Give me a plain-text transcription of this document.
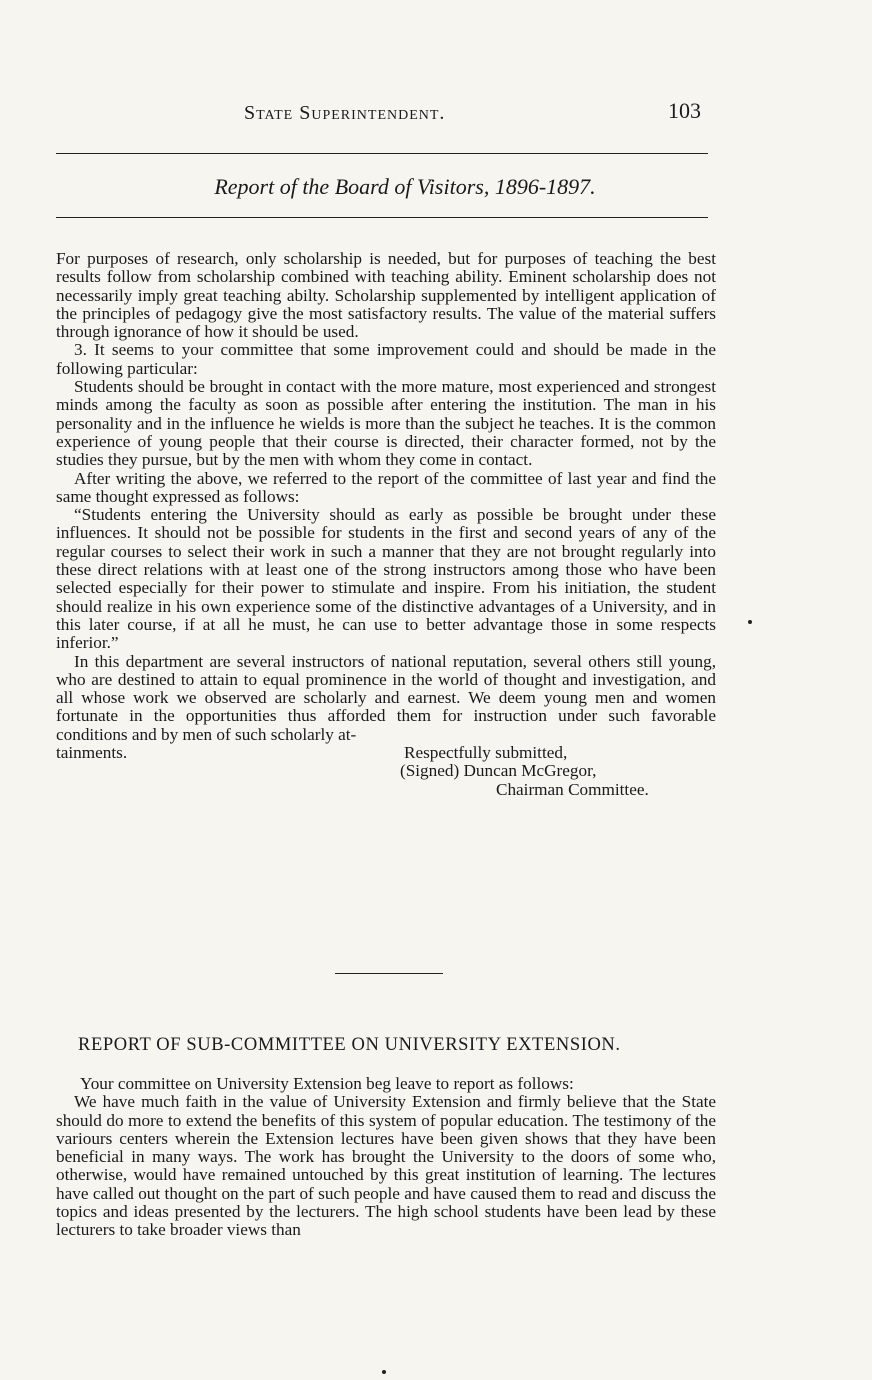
State Superintendent.	103
Report of the Board of Visitors, 1896-1897.

For purposes of research, only scholarship is needed, but for purposes of teaching the best results follow from scholarship combined with teaching ability. Eminent scholarship does not necessarily imply great teaching abilty. Scholarship supplemented by intelligent application of the principles of pedagogy give the most satisfactory results. The value of the material suffers through ignorance of how it should be used.

3. It seems to your committee that some improvement could and should be made in the following particular:

Students should be brought in contact with the more mature, most experienced and strongest minds among the faculty as soon as possible after entering the institution. The man in his personality and in the influence he wields is more than the subject he teaches. It is the common experience of young people that their course is directed, their character formed, not by the studies they pursue, but by the men with whom they come in contact.

After writing the above, we referred to the report of the committee of last year and find the same thought expressed as follows:

“Students entering the University should as early as possible be brought under these influences. It should not be possible for students in the first and second years of any of the regular courses to select their work in such a manner that they are not brought regularly into these direct relations with at least one of the strong instructors among those who have been selected especially for their power to stimulate and inspire. From his initiation, the student should realize in his own experience some of the distinctive advantages of a University, and in this later course, if at all he must, he can use to better advantage those in some respects inferior.”

In this department are several instructors of national reputation, several others still young, who are destined to attain to equal prominence in the world of thought and investigation, and all whose work we observed are scholarly and earnest. We deem young men and women fortunate in the opportunities thus afforded them for instruction under such favorable conditions and by men of such scholarly at-

tainments.	Respectfully submitted,
(Signed) Duncan McGregor,
Chairman Committee.
REPORT OF SUB-COMMITTEE ON UNIVERSITY EXTENSION.

Your committee on University Extension beg leave to report as follows:

We have much faith in the value of University Extension and firmly believe that the State should do more to extend the benefits of this system of popular education. The testimony of the variours centers wherein the Extension lectures have been given shows that they have been beneficial in many ways. The work has brought the University to the doors of some who, otherwise, would have remained untouched by this great institution of learning. The lectures have called out thought on the part of such people and have caused them to read and discuss the topics and ideas presented by the lecturers. The high school students have been lead by these lecturers to take broader views than
